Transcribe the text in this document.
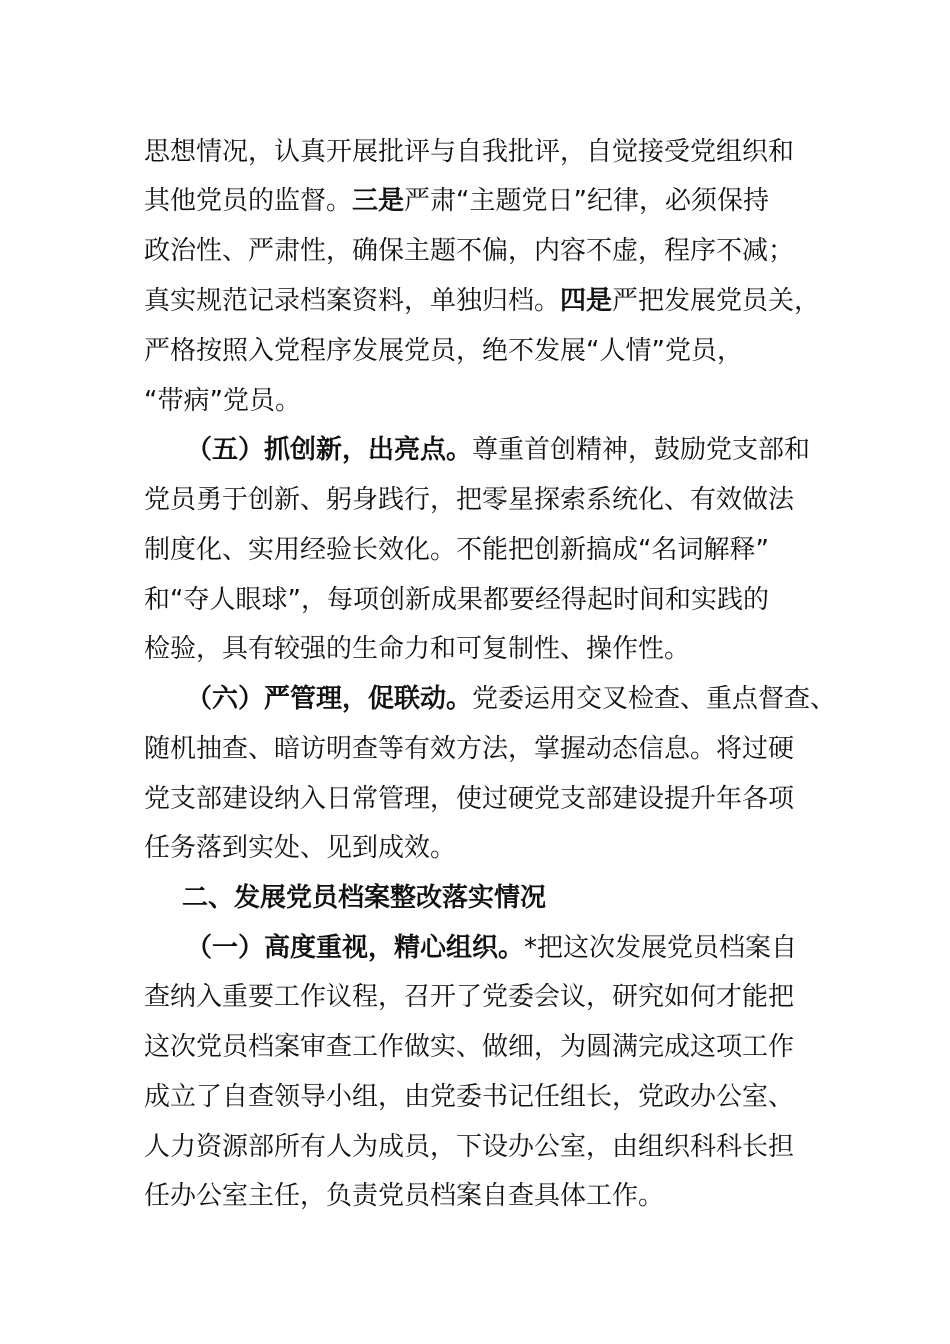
思想情况，认真开展批评与自我批评，自觉接受党组织和
其他党员的监督。三是严肃“主题党日”纪律，必须保持
政治性、严肃性，确保主题不偏，内容不虚，程序不减；
真实规范记录档案资料，单独归档。四是严把发展党员关，
严格按照入党程序发展党员，绝不发展“人情”党员，
“带病”党员。
（五）抓创新，出亮点。尊重首创精神，鼓励党支部和
党员勇于创新、躬身践行，把零星探索系统化、有效做法
制度化、实用经验长效化。不能把创新搞成“名词解释”
和“夺人眼球”，每项创新成果都要经得起时间和实践的
检验，具有较强的生命力和可复制性、操作性。
（六）严管理，促联动。党委运用交叉检查、重点督查、
随机抽查、暗访明查等有效方法，掌握动态信息。将过硬
党支部建设纳入日常管理，使过硬党支部建设提升年各项
任务落到实处、见到成效。
二、发展党员档案整改落实情况
（一）高度重视，精心组织。*把这次发展党员档案自
查纳入重要工作议程，召开了党委会议，研究如何才能把
这次党员档案审查工作做实、做细，为圆满完成这项工作
成立了自查领导小组，由党委书记任组长，党政办公室、
人力资源部所有人为成员，下设办公室，由组织科科长担
任办公室主任，负责党员档案自查具体工作。
